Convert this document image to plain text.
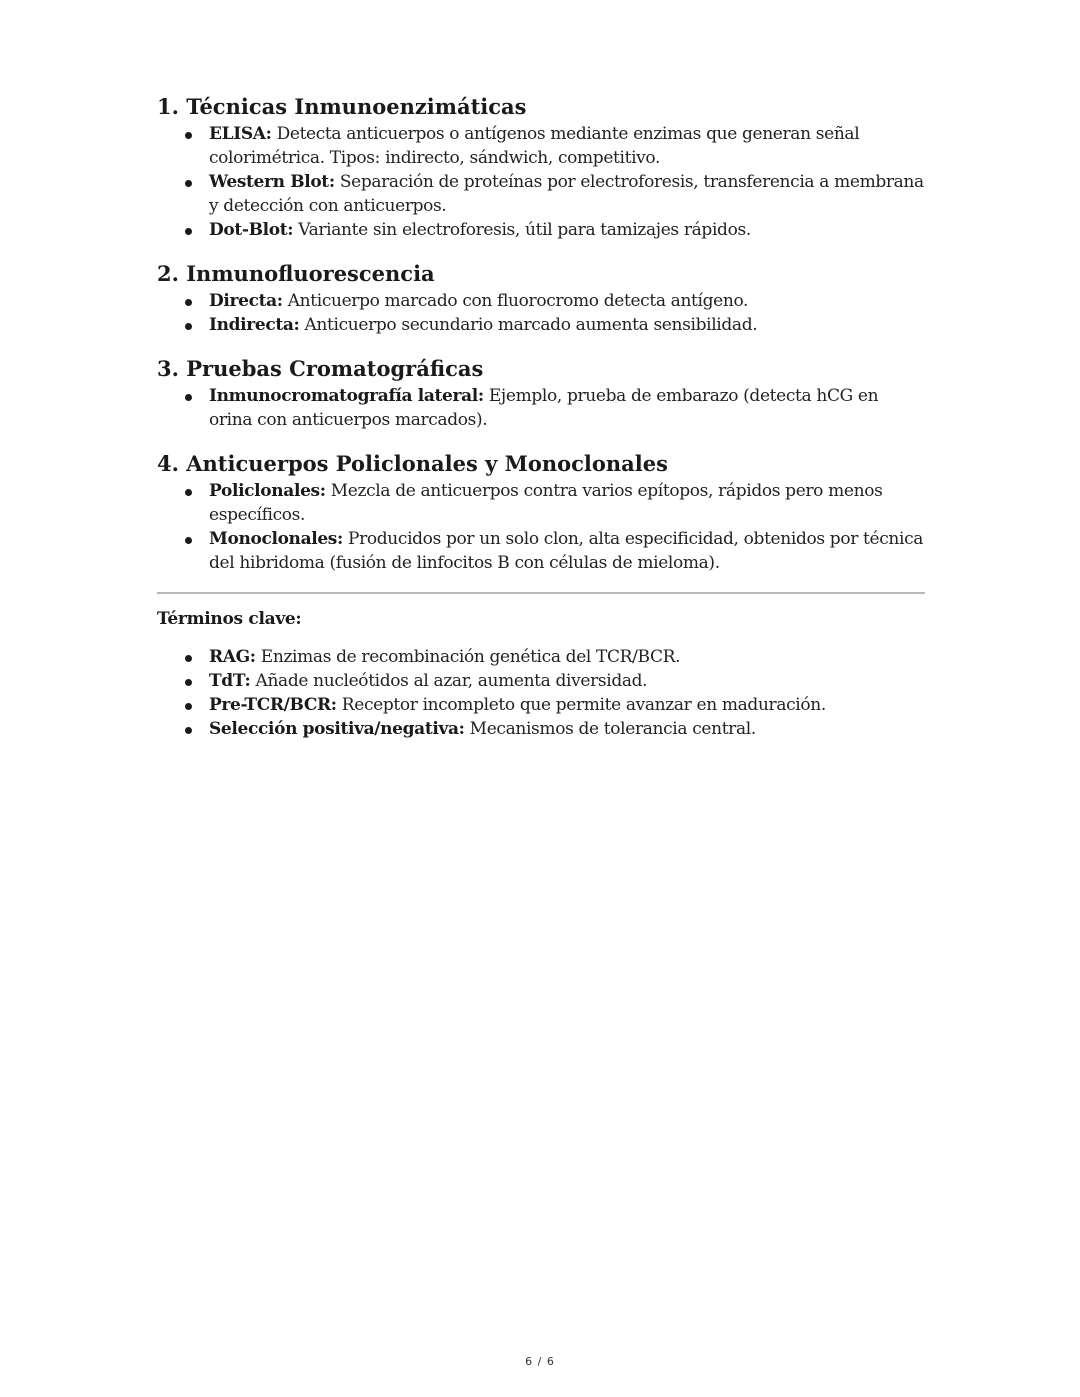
1. Técnicas Inmunoenzimáticas
ELISA: Detecta anticuerpos o antígenos mediante enzimas que generan señal colorimétrica. Tipos: indirecto, sándwich, competitivo.
Western Blot: Separación de proteínas por electroforesis, transferencia a membrana y detección con anticuerpos.
Dot-Blot: Variante sin electroforesis, útil para tamizajes rápidos.
2. Inmunofluorescencia
Directa: Anticuerpo marcado con fluorocromo detecta antígeno.
Indirecta: Anticuerpo secundario marcado aumenta sensibilidad.
3. Pruebas Cromatográficas
Inmunocromatografía lateral: Ejemplo, prueba de embarazo (detecta hCG en orina con anticuerpos marcados).
4. Anticuerpos Policlonales y Monoclonales
Policlonales: Mezcla de anticuerpos contra varios epítopos, rápidos pero menos específicos.
Monoclonales: Producidos por un solo clon, alta especificidad, obtenidos por técnica del hibridoma (fusión de linfocitos B con células de mieloma).

Términos clave:

RAG: Enzimas de recombinación genética del TCR/BCR.
TdT: Añade nucleótidos al azar, aumenta diversidad.
Pre-TCR/BCR: Receptor incompleto que permite avanzar en maduración.
Selección positiva/negativa: Mecanismos de tolerancia central.
6 / 6
